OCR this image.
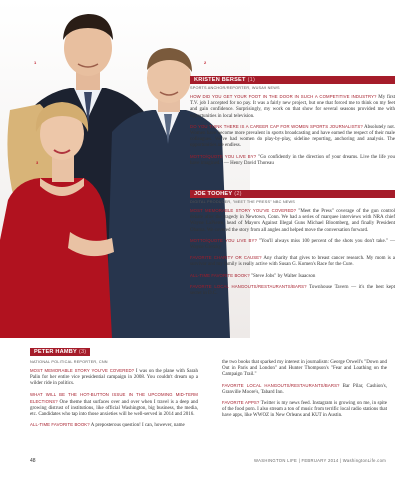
1	2
3
KRISTEN BERSET (1)
SPORTS ANCHOR/REPORTER, WUSA9 NEWS

HOW DID YOU GET YOUR FOOT IN THE DOOR IN SUCH A COMPETITIVE INDUSTRY? My first T.V. job I accepted for no pay. It was a fairly new project, but one that forced me to think on my feet and gain confidence. Surprisingly, my work on that show for several seasons provided me with opportunities in local television.

DO YOU THINK THERE IS A CAREER CAP FOR WOMEN SPORTS JOURNALISTS? Absolutely not. Women have become more prevalent in sports broadcasting and have earned the respect of their male colleagues. We've had women do play-by-play, sideline reporting, anchoring and analysis. The opportunities are endless.

MOTTO/QUOTE YOU LIVE BY? "Go confidently in the direction of your dreams. Live the life you have imagined." — Henry David Thoreau

JOE TOOHEY (2)
DIGITAL PRODUCER, "MEET THE PRESS" NBC NEWS

MOST MEMORABLE STORY YOU'VE COVERED? "Meet the Press" coverage of the gun control debate after the tragedy in Newtown, Conn. We had a series of marquee interviews with NRA chief Wayne LaPierre, head of Mayors Against Illegal Guns Michael Bloomberg, and finally President Obama. We covered the story from all angles and helped move the conversation forward.

MOTTO/QUOTE YOU LIVE BY? "You'll always miss 100 percent of the shots you don't take." — Wayne Gretzky

FAVORITE CHARITY OR CAUSE? Any charity that gives to breast cancer research. My mom is a survivor and my family is really active with Susan G. Komen's Race for the Cure.

ALL-TIME FAVORITE BOOK? "Steve Jobs" by Walter Isaacson

FAVORITE LOCAL HANGOUTS/RESTAURANTS/BARS? Townhouse Tavern — it's the best kept secret in D.C.

PETER HAMBY (3)
NATIONAL POLITICAL REPORTER, CNN

MOST MEMORABLE STORY YOU'VE COVERED? I was on the plane with Sarah Palin for her entire vice presidential campaign in 2008. You couldn't dream up a wilder ride in politics.

WHAT WILL BE THE HOT-BUTTON ISSUE IN THE UPCOMING MID-TERM ELECTIONS? One theme that surfaces over and over when I travel is a deep and growing distrust of institutions, like official Washington, big business, the media, etc. Candidates who tap into those anxieties will be well-served in 2014 and 2016.

ALL-TIME FAVORITE BOOK? A preposterous question! I can, however, name

the two books that sparked my interest in journalism: George Orwell's "Down and Out in Paris and London" and Hunter Thompson's "Fear and Loathing on the Campaign Trail."

FAVORITE LOCAL HANGOUTS/RESTAURANTS/BARS? Bar Pilar, Cashion's, Granville Moore's, Tabard Inn.

FAVORITE APPS? Twitter is my news feed. Instagram is growing on me, in spite of the food porn. I also stream a ton of music from terrific local radio stations that have apps, like WWOZ in New Orleans and KUT in Austin.

48	WASHINGTON LIFE | FEBRUARY 2014 | WashingtonLife.com
